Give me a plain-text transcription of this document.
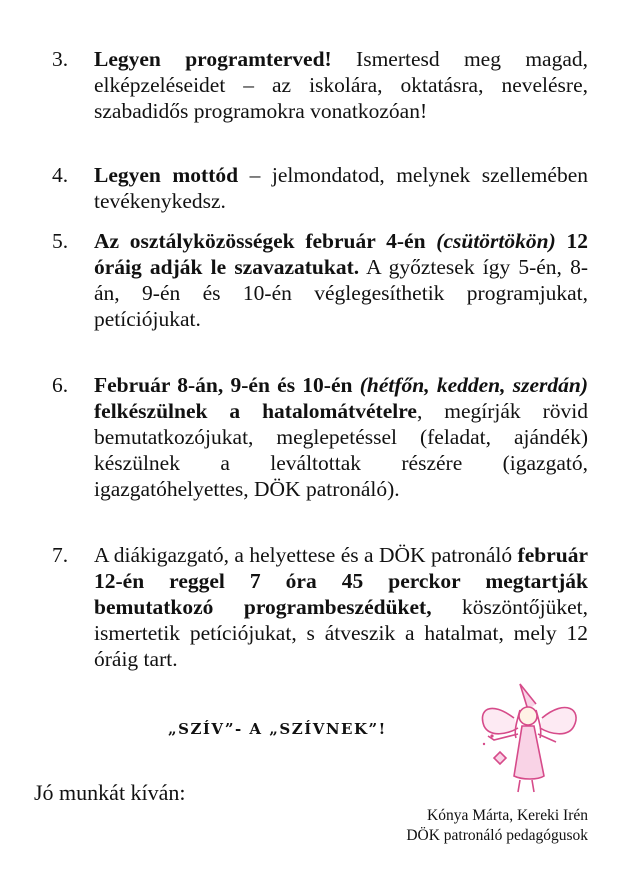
3.	Legyen programterved! Ismertesd meg magad, elképzeléseidet – az iskolára, oktatásra, nevelésre, szabadidős programokra vonatkozóan!
4.	Legyen mottód – jelmondatod, melynek szellemében tevékenykedsz.
5.	Az osztályközösségek február 4-én (csütörtökön) 12 óráig adják le szavazatukat. A győztesek így 5-én, 8-án, 9-én és 10-én véglegesíthetik programjukat, petíciójukat.
6.	Február 8-án, 9-én és 10-én (hétfőn, kedden, szerdán) felkészülnek a hatalomátvételre, megírják rövid bemutatkozójukat, meglepetéssel (feladat, ajándék) készülnek a leváltottak részére (igazgató, igazgatóhelyettes, DÖK patronáló).
7.	A diákigazgató, a helyettese és a DÖK patronáló február 12-én reggel 7 óra 45 perckor megtartják bemutatkozó programbeszédüket, köszöntőjüket, ismertetik petíciójukat, s átveszik a hatalmat, mely 12 óráig tart.
„SZÍV”- A „SZÍVNEK”!
Jó munkát kíván:
Kónya Márta, Kereki Irén
DÖK patronáló pedagógusok
